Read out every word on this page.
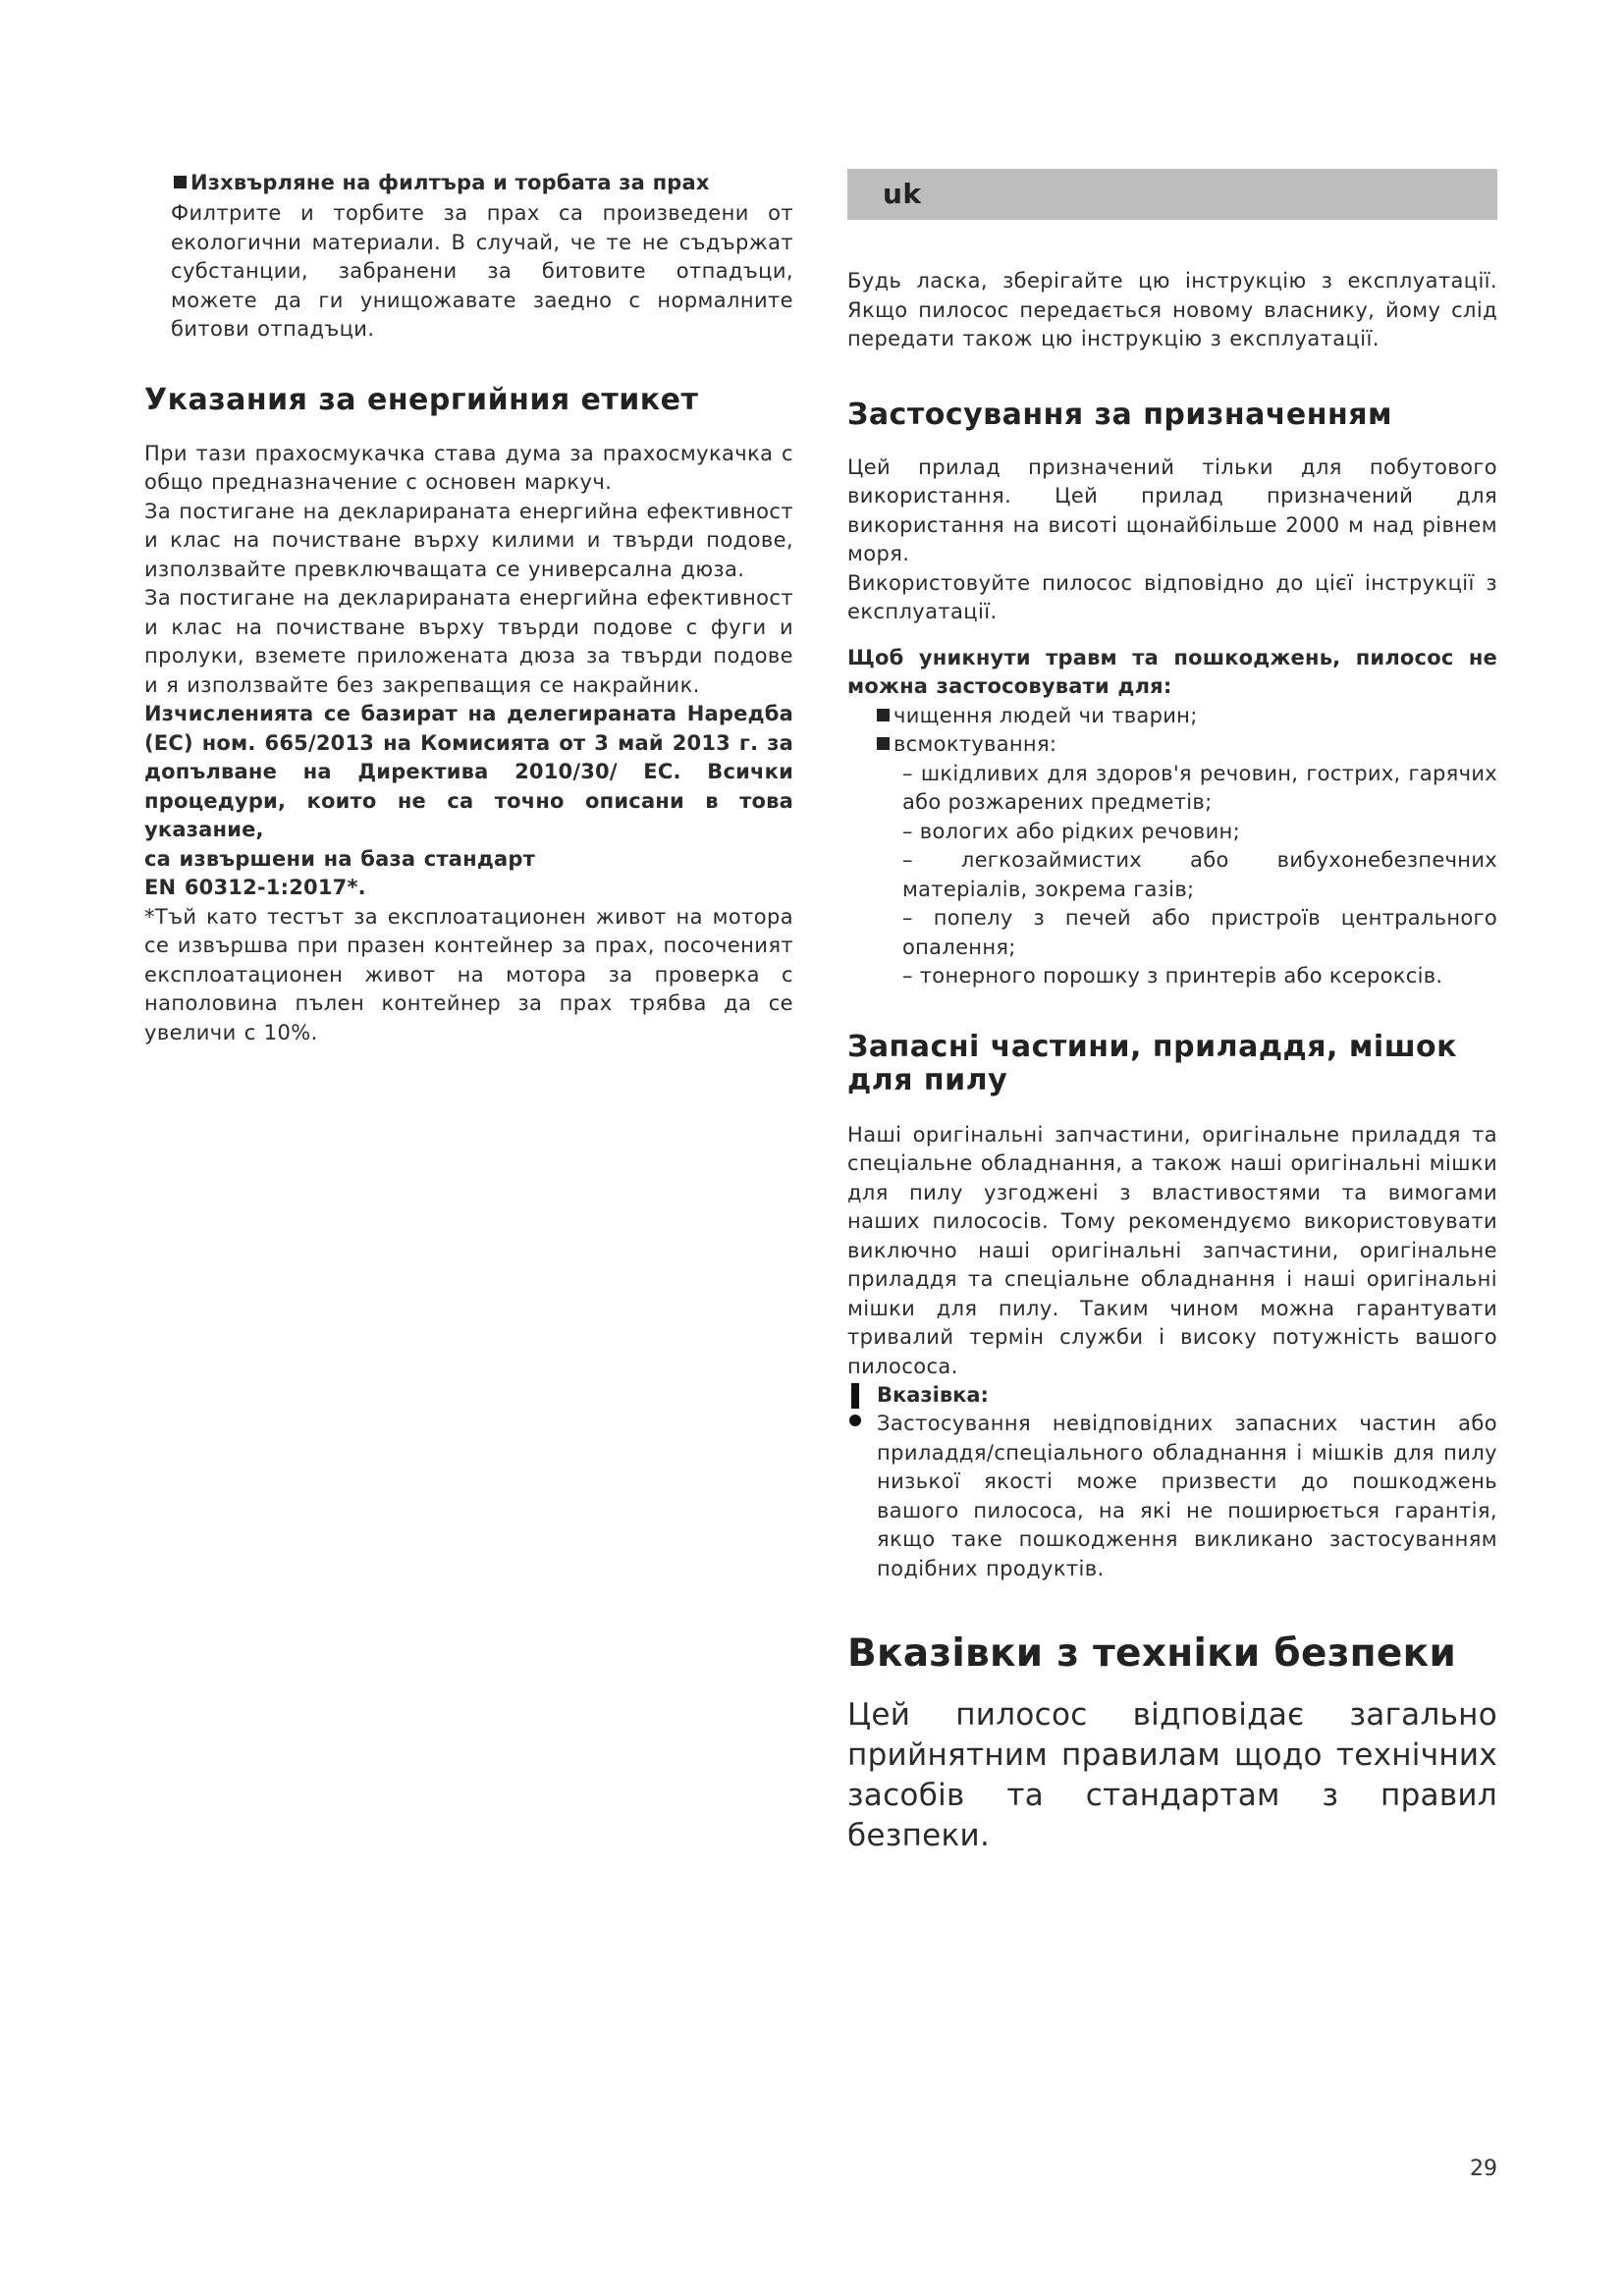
Изхвърляне на филтъра и торбата за прах

Филтрите и торбите за прах са произведени от екологични материали. В случай, че те не съдържат субстанции, забранени за битовите отпадъци, можете да ги унищожавате заедно с нормалните битови отпадъци.

Указания за енергийния етикет

При тази прахосмукачка става дума за прахосмукачка с общо предназначение с основен маркуч.

За постигане на декларираната енергийна ефективност и клас на почистване върху килими и твърди подове, използвайте превключващата се универсална дюза.

За постигане на декларираната енергийна ефективност и клас на почистване върху твърди подове с фуги и пролуки, вземете приложената дюза за твърди подове и я използвайте без закрепващия се накрайник.

Изчисленията се базират на делегираната Наредба (ЕС) ном. 665/2013 на Комисията от 3 май 2013 г. за допълване на Директива 2010/30/ ЕС. Всички процедури, които не са точно описани в това указание,

са извършени на база стандарт

EN 60312-1:2017*.

*Тъй като тестът за експлоатационен живот на мотора се извършва при празен контейнер за прах, посоченият експлоатационен живот на мотора за проверка с наполовина пълен контейнер за прах трябва да се увеличи с 10%.

uk

Будь ласка, зберігайте цю інструкцію з експлуатації. Якщо пилосос передається новому власнику, йому слід передати також цю інструкцію з експлуатації.

Застосування за призначенням

Цей прилад призначений тільки для побутового використання. Цей прилад призначений для використання на висоті щонайбільше 2000 м над рівнем моря.

Використовуйте пилосос відповідно до цієї інструкції з експлуатації.

Щоб уникнути травм та пошкоджень, пилосос не можна застосовувати для:

чищення людей чи тварин;
всмоктування:
– шкідливих для здоров'я речовин, гострих, гарячих або розжарених предметів;
– вологих або рідких речовин;
– легкозаймистих або вибухонебезпечних матеріалів, зокрема газів;
– попелу з печей або пристроїв центрального опалення;
– тонерного порошку з принтерів або ксероксів.
Запасні частини, приладдя, мішок для пилу

Наші оригінальні запчастини, оригінальне приладдя та спеціальне обладнання, а також наші оригінальні мішки для пилу узгоджені з властивостями та вимогами наших пилососів. Тому рекомендуємо використовувати виключно наші оригінальні запчастини, оригінальне приладдя та спеціальне обладнання і наші оригінальні мішки для пилу. Таким чином можна гарантувати тривалий термін служби і високу потужність вашого пилососа.

Вказівка:

Застосування невідповідних запасних частин або приладдя/спеціального обладнання і мішків для пилу низької якості може призвести до пошкоджень вашого пилососа, на які не поширюється гарантія, якщо таке пошкодження викликано застосуванням подібних продуктів.

Вказівки з техніки безпеки

Цей пилосос відповідає загально прийнятним правилам щодо технічних засобів та стандартам з правил безпеки.

29
